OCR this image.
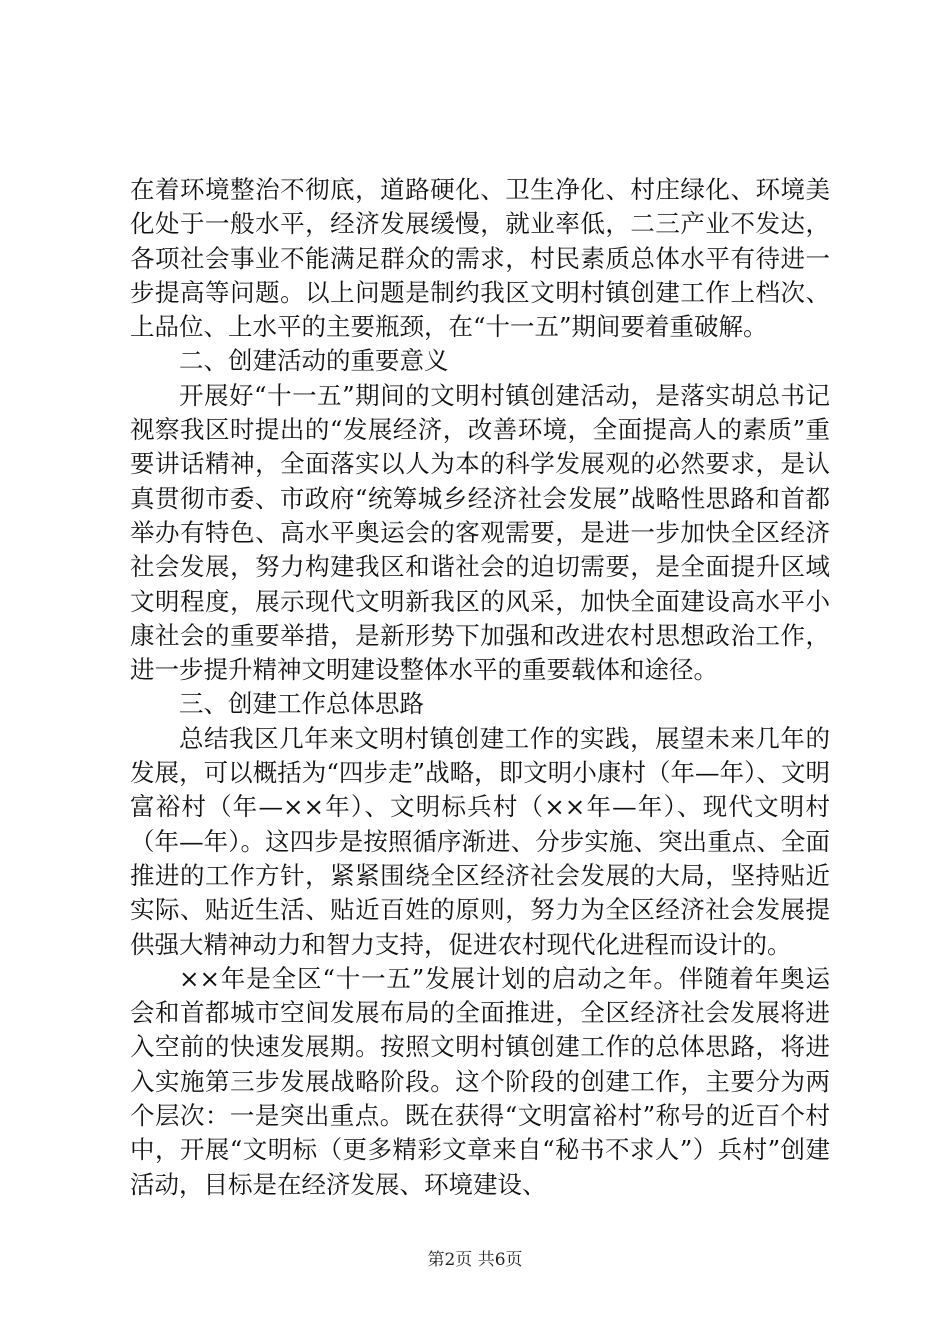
在着环境整治不彻底，道路硬化、卫生净化、村庄绿化、环境美化处于一般水平，经济发展缓慢，就业率低，二三产业不发达，各项社会事业不能满足群众的需求，村民素质总体水平有待进一步提高等问题。以上问题是制约我区文明村镇创建工作上档次、上品位、上水平的主要瓶颈，在“十一五”期间要着重破解。

二、创建活动的重要意义

开展好“十一五”期间的文明村镇创建活动，是落实胡总书记视察我区时提出的“发展经济，改善环境，全面提高人的素质”重要讲话精神，全面落实以人为本的科学发展观的必然要求，是认真贯彻市委、市政府“统筹城乡经济社会发展”战略性思路和首都举办有特色、高水平奥运会的客观需要，是进一步加快全区经济社会发展，努力构建我区和谐社会的迫切需要，是全面提升区域文明程度，展示现代文明新我区的风采，加快全面建设高水平小康社会的重要举措，是新形势下加强和改进农村思想政治工作，进一步提升精神文明建设整体水平的重要载体和途径。

三、创建工作总体思路

总结我区几年来文明村镇创建工作的实践，展望未来几年的发展，可以概括为“四步走”战略，即文明小康村（年—年）、文明富裕村（年—××年）、文明标兵村（××年—年）、现代文明村（年—年）。这四步是按照循序渐进、分步实施、突出重点、全面推进的工作方针，紧紧围绕全区经济社会发展的大局，坚持贴近实际、贴近生活、贴近百姓的原则，努力为全区经济社会发展提供强大精神动力和智力支持，促进农村现代化进程而设计的。

××年是全区“十一五”发展计划的启动之年。伴随着年奥运会和首都城市空间发展布局的全面推进，全区经济社会发展将进入空前的快速发展期。按照文明村镇创建工作的总体思路，将进入实施第三步发展战略阶段。这个阶段的创建工作，主要分为两个层次：一是突出重点。既在获得“文明富裕村”称号的近百个村中，开展“文明标（更多精彩文章来自“秘书不求人”）兵村”创建活动，目标是在经济发展、环境建设、

第2页 共6页
